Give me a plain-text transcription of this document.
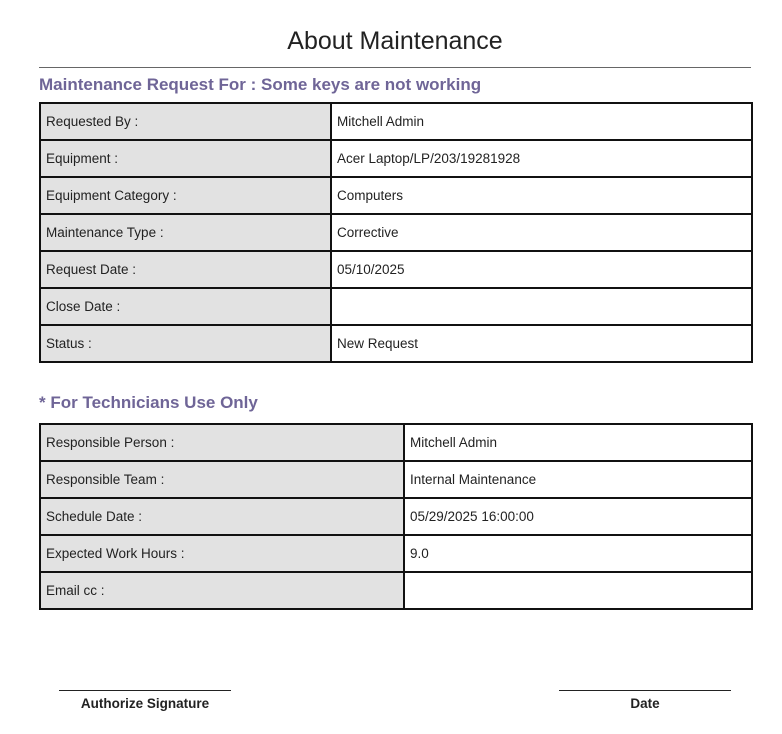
About Maintenance
Maintenance Request For : Some keys are not working
Requested By :	Mitchell Admin
Equipment :	Acer Laptop/LP/203/19281928
Equipment Category :	Computers
Maintenance Type :	Corrective
Request Date :	05/10/2025
Close Date :	
Status :	New Request
* For Technicians Use Only
Responsible Person :	Mitchell Admin
Responsible Team :	Internal Maintenance
Schedule Date :	05/29/2025 16:00:00
Expected Work Hours :	9.0
Email cc :	
Authorize Signature	Date
